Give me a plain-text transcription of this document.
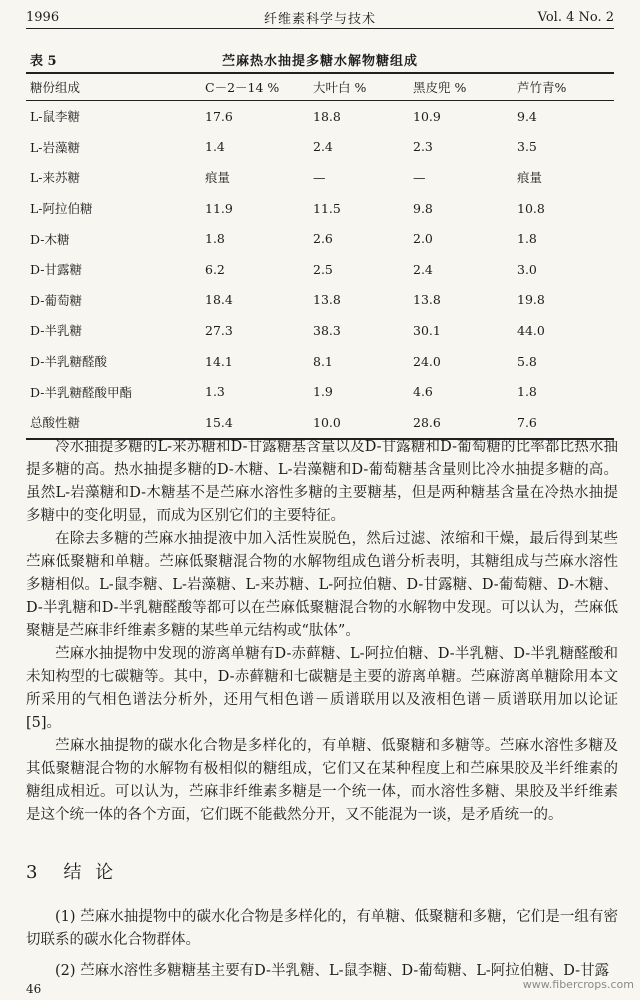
1996	纤维素科学与技术	Vol. 4 No. 2
表 5	苎麻热水抽提多糖水解物糖组成
糖份组成	C－2－14 %	大叶白 %	黑皮兜 %	芦竹青%
L-鼠李糖	17.6	18.8	10.9	9.4
L-岩藻糖	1.4	2.4	2.3	3.5
L-来苏糖	痕量	—	—	痕量
L-阿拉伯糖	11.9	11.5	9.8	10.8
D-木糖	1.8	2.6	2.0	1.8
D-甘露糖	6.2	2.5	2.4	3.0
D-葡萄糖	18.4	13.8	13.8	19.8
D-半乳糖	27.3	38.3	30.1	44.0
D-半乳糖醛酸	14.1	8.1	24.0	5.8
D-半乳糖醛酸甲酯	1.3	1.9	4.6	1.8
总酸性糖	15.4	10.0	28.6	7.6

冷水抽提多糖的L-来苏糖和D-甘露糖基含量以及D-甘露糖和D-葡萄糖的比率都比热水抽提多糖的高。热水抽提多糖的D-木糖、L-岩藻糖和D-葡萄糖基含量则比冷水抽提多糖的高。虽然L-岩藻糖和D-木糖基不是苎麻水溶性多糖的主要糖基，但是两种糖基含量在冷热水抽提多糖中的变化明显，而成为区别它们的主要特征。

在除去多糖的苎麻水抽提液中加入活性炭脱色，然后过滤、浓缩和干燥，最后得到某些苎麻低聚糖和单糖。苎麻低聚糖混合物的水解物组成色谱分析表明，其糖组成与苎麻水溶性多糖相似。L-鼠李糖、L-岩藻糖、L-来苏糖、L-阿拉伯糖、D-甘露糖、D-葡萄糖、D-木糖、D-半乳糖和D-半乳糖醛酸等都可以在苎麻低聚糖混合物的水解物中发现。可以认为，苎麻低聚糖是苎麻非纤维素多糖的某些单元结构或“肽体”。

苎麻水抽提物中发现的游离单糖有D-赤藓糖、L-阿拉伯糖、D-半乳糖、D-半乳糖醛酸和未知构型的七碳糖等。其中，D-赤藓糖和七碳糖是主要的游离单糖。苎麻游离单糖除用本文所采用的气相色谱法分析外，还用气相色谱－质谱联用以及液相色谱－质谱联用加以论证[5]。

苎麻水抽提物的碳水化合物是多样化的，有单糖、低聚糖和多糖等。苎麻水溶性多糖及其低聚糖混合物的水解物有极相似的糖组成，它们又在某种程度上和苎麻果胶及半纤维素的糖组成相近。可以认为，苎麻非纤维素多糖是一个统一体，而水溶性多糖、果胶及半纤维素是这个统一体的各个方面，它们既不能截然分开，又不能混为一谈，是矛盾统一的。

3 结 论

(1) 苎麻水抽提物中的碳水化合物是多样化的，有单糖、低聚糖和多糖，它们是一组有密切联系的碳水化合物群体。

(2) 苎麻水溶性多糖糖基主要有D-半乳糖、L-鼠李糖、D-葡萄糖、L-阿拉伯糖、D-甘露

46	www.fibercrops.com
